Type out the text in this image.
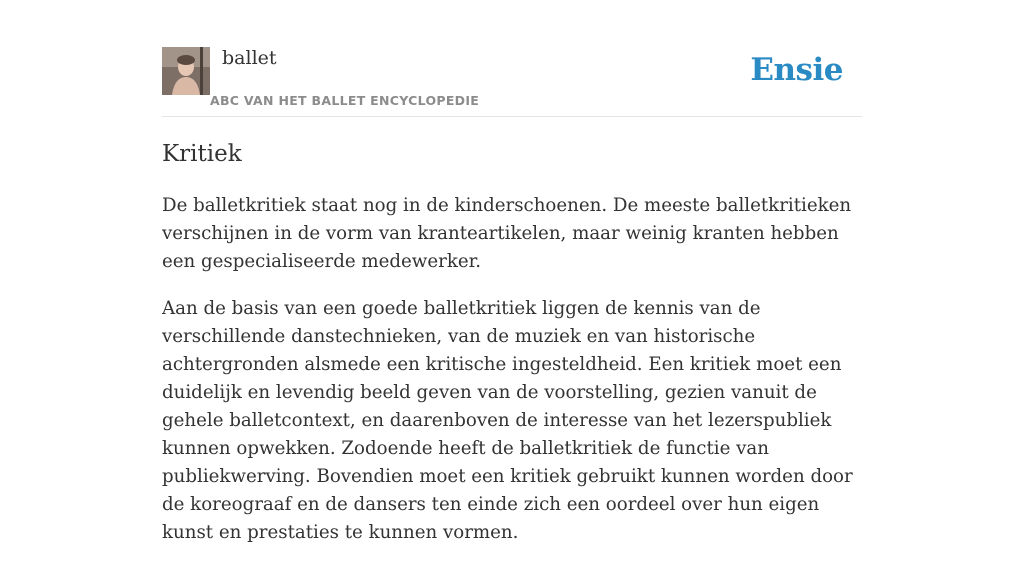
ballet
ABC VAN HET BALLET ENCYCLOPEDIE
Ensie
Kritiek

De balletkritiek staat nog in de kinderschoenen. De meeste balletkritieken verschijnen in de vorm van kranteartikelen, maar weinig kranten hebben een gespecialiseerde medewerker.

Aan de basis van een goede balletkritiek liggen de kennis van de verschillende danstechnieken, van de muziek en van historische achtergronden alsmede een kritische ingesteldheid. Een kritiek moet een duidelijk en levendig beeld geven van de voorstelling, gezien vanuit de gehele balletcontext, en daarenboven de interesse van het lezerspubliek kunnen opwekken. Zodoende heeft de balletkritiek de functie van publiekwerving. Bovendien moet een kritiek gebruikt kunnen worden door de koreograaf en de dansers ten einde zich een oordeel over hun eigen kunst en prestaties te kunnen vormen.
